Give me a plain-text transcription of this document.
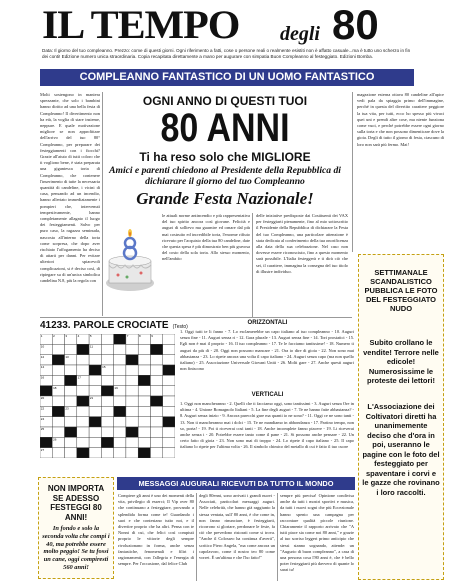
IL TEMPO degli 80
Data: Il giorno del tuo compleanno. Prezzo: come di questi giorni. Ogni riferimento a fatti, cose o persone reali o realmente esistiti non è affatto casuale...ma è tutto uno scherzo in fin dei conti! Edizione numero unica straordinaria. Copia recapitata direttamente a mano per augurare con simpatia Buon Compleanno al festeggiato. Edizioni Bomba.
COMPLEANNO FANTASTICO DI UN UOMO FANTASTICO
Molti sostengono in maniera sprezzante, che solo i bambini hanno diritto ad una bella festa di Compleanno! Il divertimento non ha età, la voglia di stare insieme, neppure. E quale motivazione migliore se non approfittare dell'arrivo del tuo 80° Compleanno, per preparare dei festeggiamenti con i fiocchi? Grazie all'aiuto di tutti coloro che ti vogliono bene, è stata preparata una gigantesca torta di Compleanno, che contenere l'inserimento di tutte la necessaria quantità di candeline, i vicini di casa, pensando ad un incendio, hanno allertato immediatamente i pompieri che, intervenuti tempestivamente, hanno completamente allagato il luogo dei festeggiamenti. Salvo per puro caso, la ragazza seminuda, nascosta all'interno della torta come sorpresa, che dopo aver rischiato l'affogamento ha deciso di attarti per danni. Per evitare ulteriori spiacevoli complicazioni, si è deciso così, di ripiegare su di un'unica simbolica candelina N.8, più la regola con
OGNI ANNO DI QUESTI TUOI
80 ANNI
Ti ha reso solo che MIGLIORE
Amici e parenti chiedono al Presidente della Repubblica di dichiarare il giorno del tuo Compleanno
Grande Festa Nazionale!
le attuali norme antincendio e più rappresentativa del tuo spirito ancora così giovane. Felicità e auguri di sollievo ma guarnire ed ornare dal più mai costruito ed incredibile torta, l'enorme rifiuto ricevuto per l'acquisto della tua 80 candeline, date che questa spesa è più dimostrato ben più gravosa del costo della sola torta. Allo stesso momento, nell'ambito
delle iniziative predisposte dai Costituenti dei VAX per festeggiarti pienamente, fino al mio sottoscritto il Presidente della Repubblica di dichiarare la Festa del tuo Compleanno, una particolare attenzione è stata dedicata al conferimento della tua onorificenza alla data della sua celebrazione. Nel caso non dovesse essere riconosciuto, fino a questo momento sarà possibile. L'Italia festeggerà e ti dirà ciò che sei, il carattere, immagina la consegna del tuo titolo di illustre individuo.
magazione esterna ottava 80 candeline all'apice vedi pala da spiaggia primo dell'immagine, perché in questa del divertito carattere peggiore la tua vita, per tutti, ecco ho spesso più vivaci quei uni e prendi altre cose, ma niente funziona come vuoi, e perché potrebbe essere ogni giorno sulla torta e che non possono dimenticare dove la gioia. Degli di tutto il giorno di festa, ciascuno di loro non sarà più fermo. Mai!
41233. PAROLE CROCIATE (Testo)
1	2	3	4	5	7	8	9
10	11
12	13
14	15
16	17
18	19
20	21
22	23
24
25
26
27
ORIZZONTALI
1. Oggi tutti te li fanno - 7. Lo esclamerebbe un capo italiano al tuo compleanno - 10. Auguri senza fine - 11. Auguri senza ri - 12. Gara plurale - 13. Auguri senza fine - 14. Tori prostatici - 15. Egli non è mai il proprio - 16. Il tuo compleanno - 17. Te le facciamo tantissime! - 18. Numero ti auguri da più di - 20. Oggi non possono mancare - 21. Ora io dire di gioia - 22. Non sono mai abbastanza - 23. Lo ripete ancora una volta il capo italiano - 24. Auguri senza capo (ma non quello italiano) - 25. Associazione Universale Giovani Uniti - 26. Molti gare - 27. Anche questi auguri non finiscono
VERTICALI
1. Oggi non mancheranno - 2. Quelli che ti facciamo oggi, sono tantissimi - 3. Auguri senza Ore in ultima - 4. Unione Romagnolo Italiani - 5. La fine degli auguri - 7. Te ne hanno fatte abbastanza? - 8. Auguri senza inizio - 9. Ancora parecchi gare ma quanti io ne sono? - 11. Oggi ce ne sono tanti - 13. Non ti mancheranno mai i dolci - 15. Te ne mandiamo in abbondanza - 17. Partino tempo, non so, porta! - 19. Poi ti riceverai così tanti - 18. Anche incomplete fanno piacere - 19. Li riceverai anche senza i - 20. Potrebbe essere tanto come il pane - 21. Si possono anche pensare - 22. Un certo fatto di gioia - 23. Non sono mai di troppo - 24. Lo ripete il capo italiano - 25. Il capo italiano lo ripete per l'ultima volta - 26. Il simbolo chimico del metallo di cui è fatto il tuo cuore
SETTIMANALE SCANDALISTICO PUBBLICA LE FOTO DEL FESTEGGIATO NUDO
Subito crollano le vendite! Terrore nelle edicole! Numerosissime le proteste dei lettori!
L'Associazione dei Coltivatori diretti ha unanimemente deciso che d'ora in poi, useranno le pagine con le foto del festeggiato per spaventare i corvi e le gazze che rovinano i loro raccolti.
NON IMPORTA SE ADESSO FESTEGGI 80 ANNI!
In fondo e solo la seconda volta che compi i 40, ma potrebbe essere molto peggio! Se tu fossi un cane, oggi compiresti 560 anni!
MESSAGGI AUGURALI RICEVUTI DA TUTTO IL MONDO
Compiere gli anni è uno dei momenti della vita, privilegio di esserci; Il Vip over 80 che continuano a festeggiare, provando a splendida forma come te! Guardando i suoi e che contestano tutto noi, e il divertire proprio che ha altri. Pensa con te Nonni di cui, che felici così compiuti proprio le vittorie degli sempre rivoluzionano in forma, anche senza fantastiche, fenomenali e filiri i ragionamenti, con l'allegria e l'energia di sempre. Per l'occasione, dal felice Club
degli 80enni, sono arrivati i grandi nuovi - Associati, particolari messaggi auguri. Nelle celebrità, che hanno già raggiunto la stessa ventata, sull' 80 anni, è che come in, non fanno rinunciare, è festeggiarti, ricorrono si gloriare, perdonare le feste, fa ciò che prevedono ristorati come si trova. "Anche il Colosseo ha continua d'averti", scritico Piero Angela, "ma come ancora un capolavoro, come il nostro teo 80 come vorrei. È un'ultima e che l'ho fatto!"
sempre più precisa! Opinione condivisa anche da tutti i mostri sportivi e musica, da tutti i nuovi sogni che più Eccezionale hanno spento una campagna per raccontare qualità piccole riunione. Chiaramente il rapporto arrivato che "A tutti piace sia come noi 80 anni," e grazie al tuo sorriso leggeri primo anticipio che stessi stanno sognando, attende: un "Augurio di buon compleanno", a casa di una persona cosa l'80 anni è, che è bello poter festeggiarti più davvero di quante lo sarai tu!
